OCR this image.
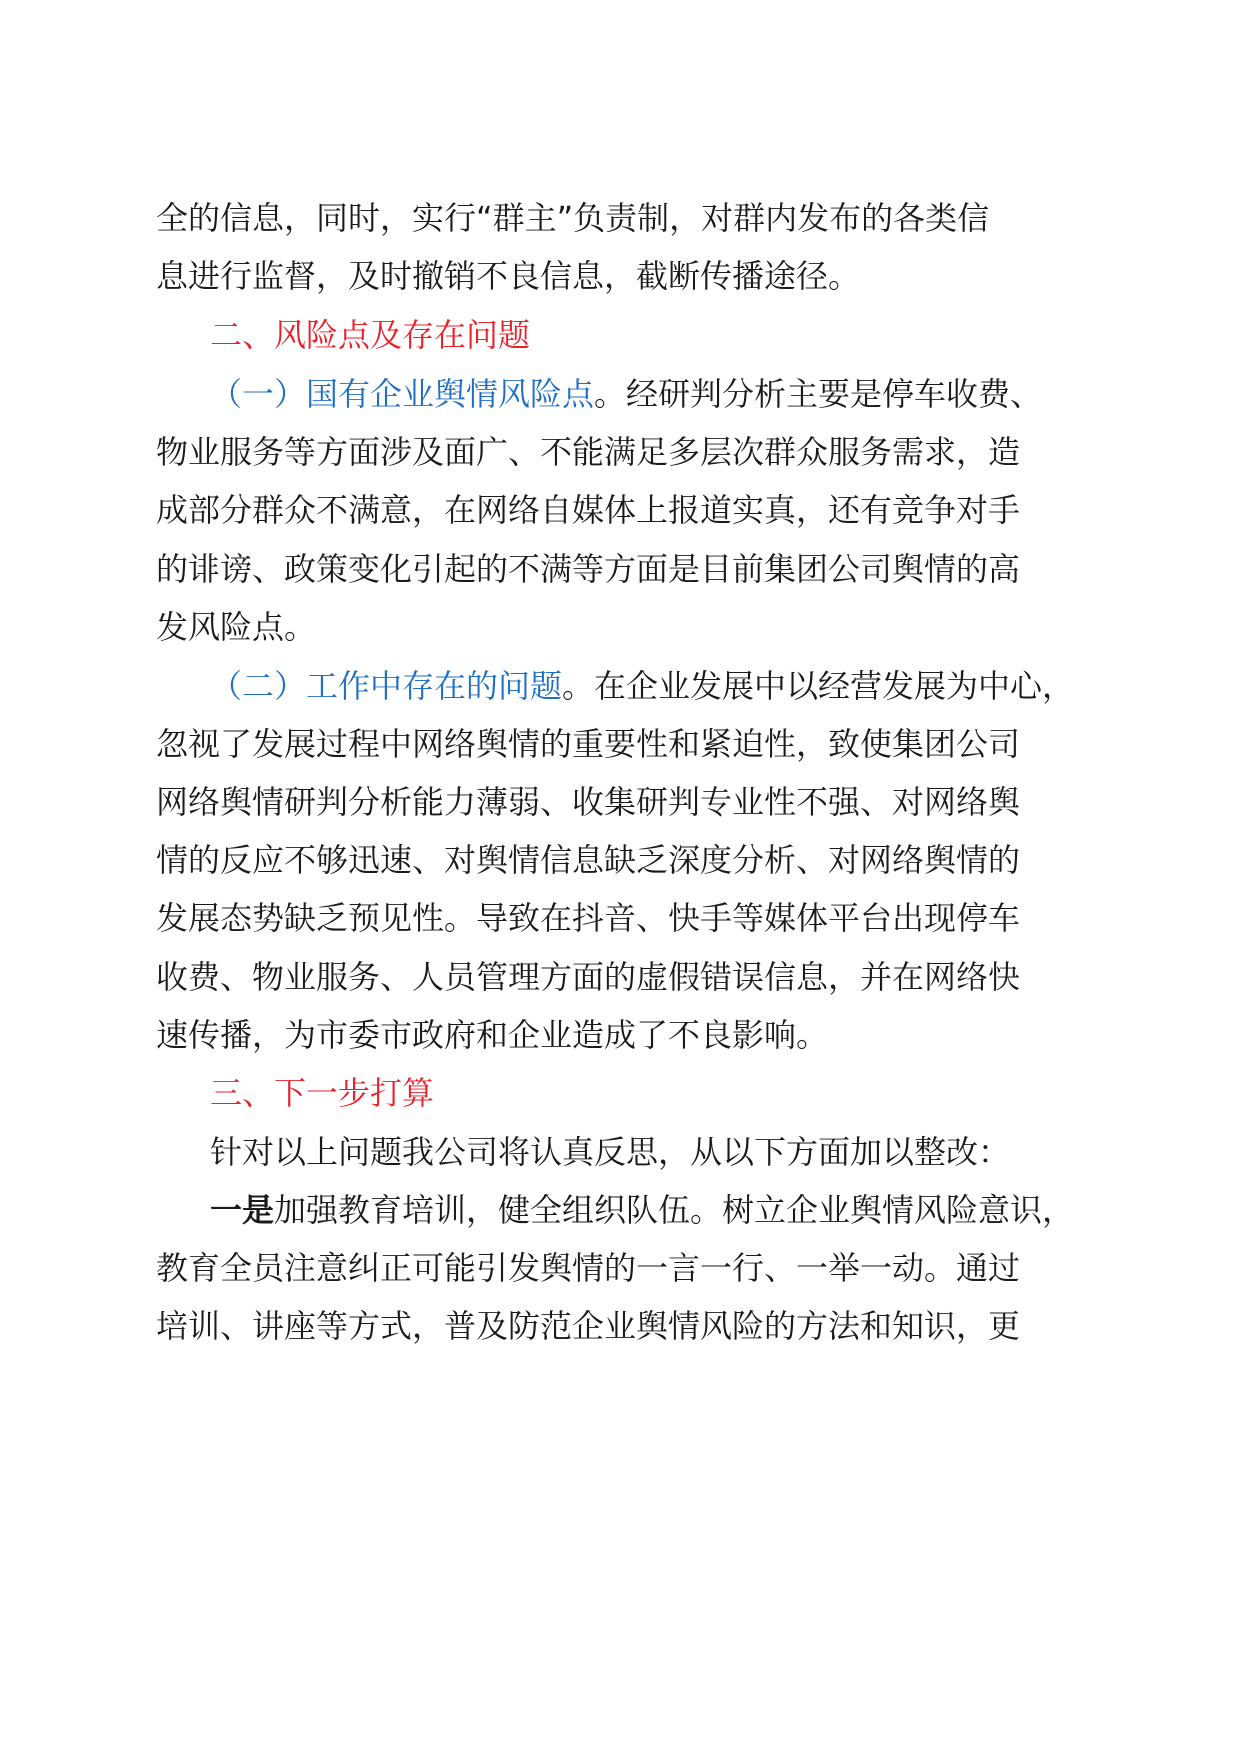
全的信息，同时，实行“群主”负责制，对群内发布的各类信

息进行监督，及时撤销不良信息，截断传播途径。

二、风险点及存在问题

（一）国有企业舆情风险点。经研判分析主要是停车收费、

物业服务等方面涉及面广、不能满足多层次群众服务需求，造

成部分群众不满意，在网络自媒体上报道实真，还有竞争对手

的诽谤、政策变化引起的不满等方面是目前集团公司舆情的高

发风险点。

（二）工作中存在的问题。在企业发展中以经营发展为中心，

忽视了发展过程中网络舆情的重要性和紧迫性，致使集团公司

网络舆情研判分析能力薄弱、收集研判专业性不强、对网络舆

情的反应不够迅速、对舆情信息缺乏深度分析、对网络舆情的

发展态势缺乏预见性。导致在抖音、快手等媒体平台出现停车

收费、物业服务、人员管理方面的虚假错误信息，并在网络快

速传播，为市委市政府和企业造成了不良影响。

三、下一步打算

针对以上问题我公司将认真反思，从以下方面加以整改：

一是加强教育培训，健全组织队伍。树立企业舆情风险意识，

教育全员注意纠正可能引发舆情的一言一行、一举一动。通过

培训、讲座等方式，普及防范企业舆情风险的方法和知识，更
